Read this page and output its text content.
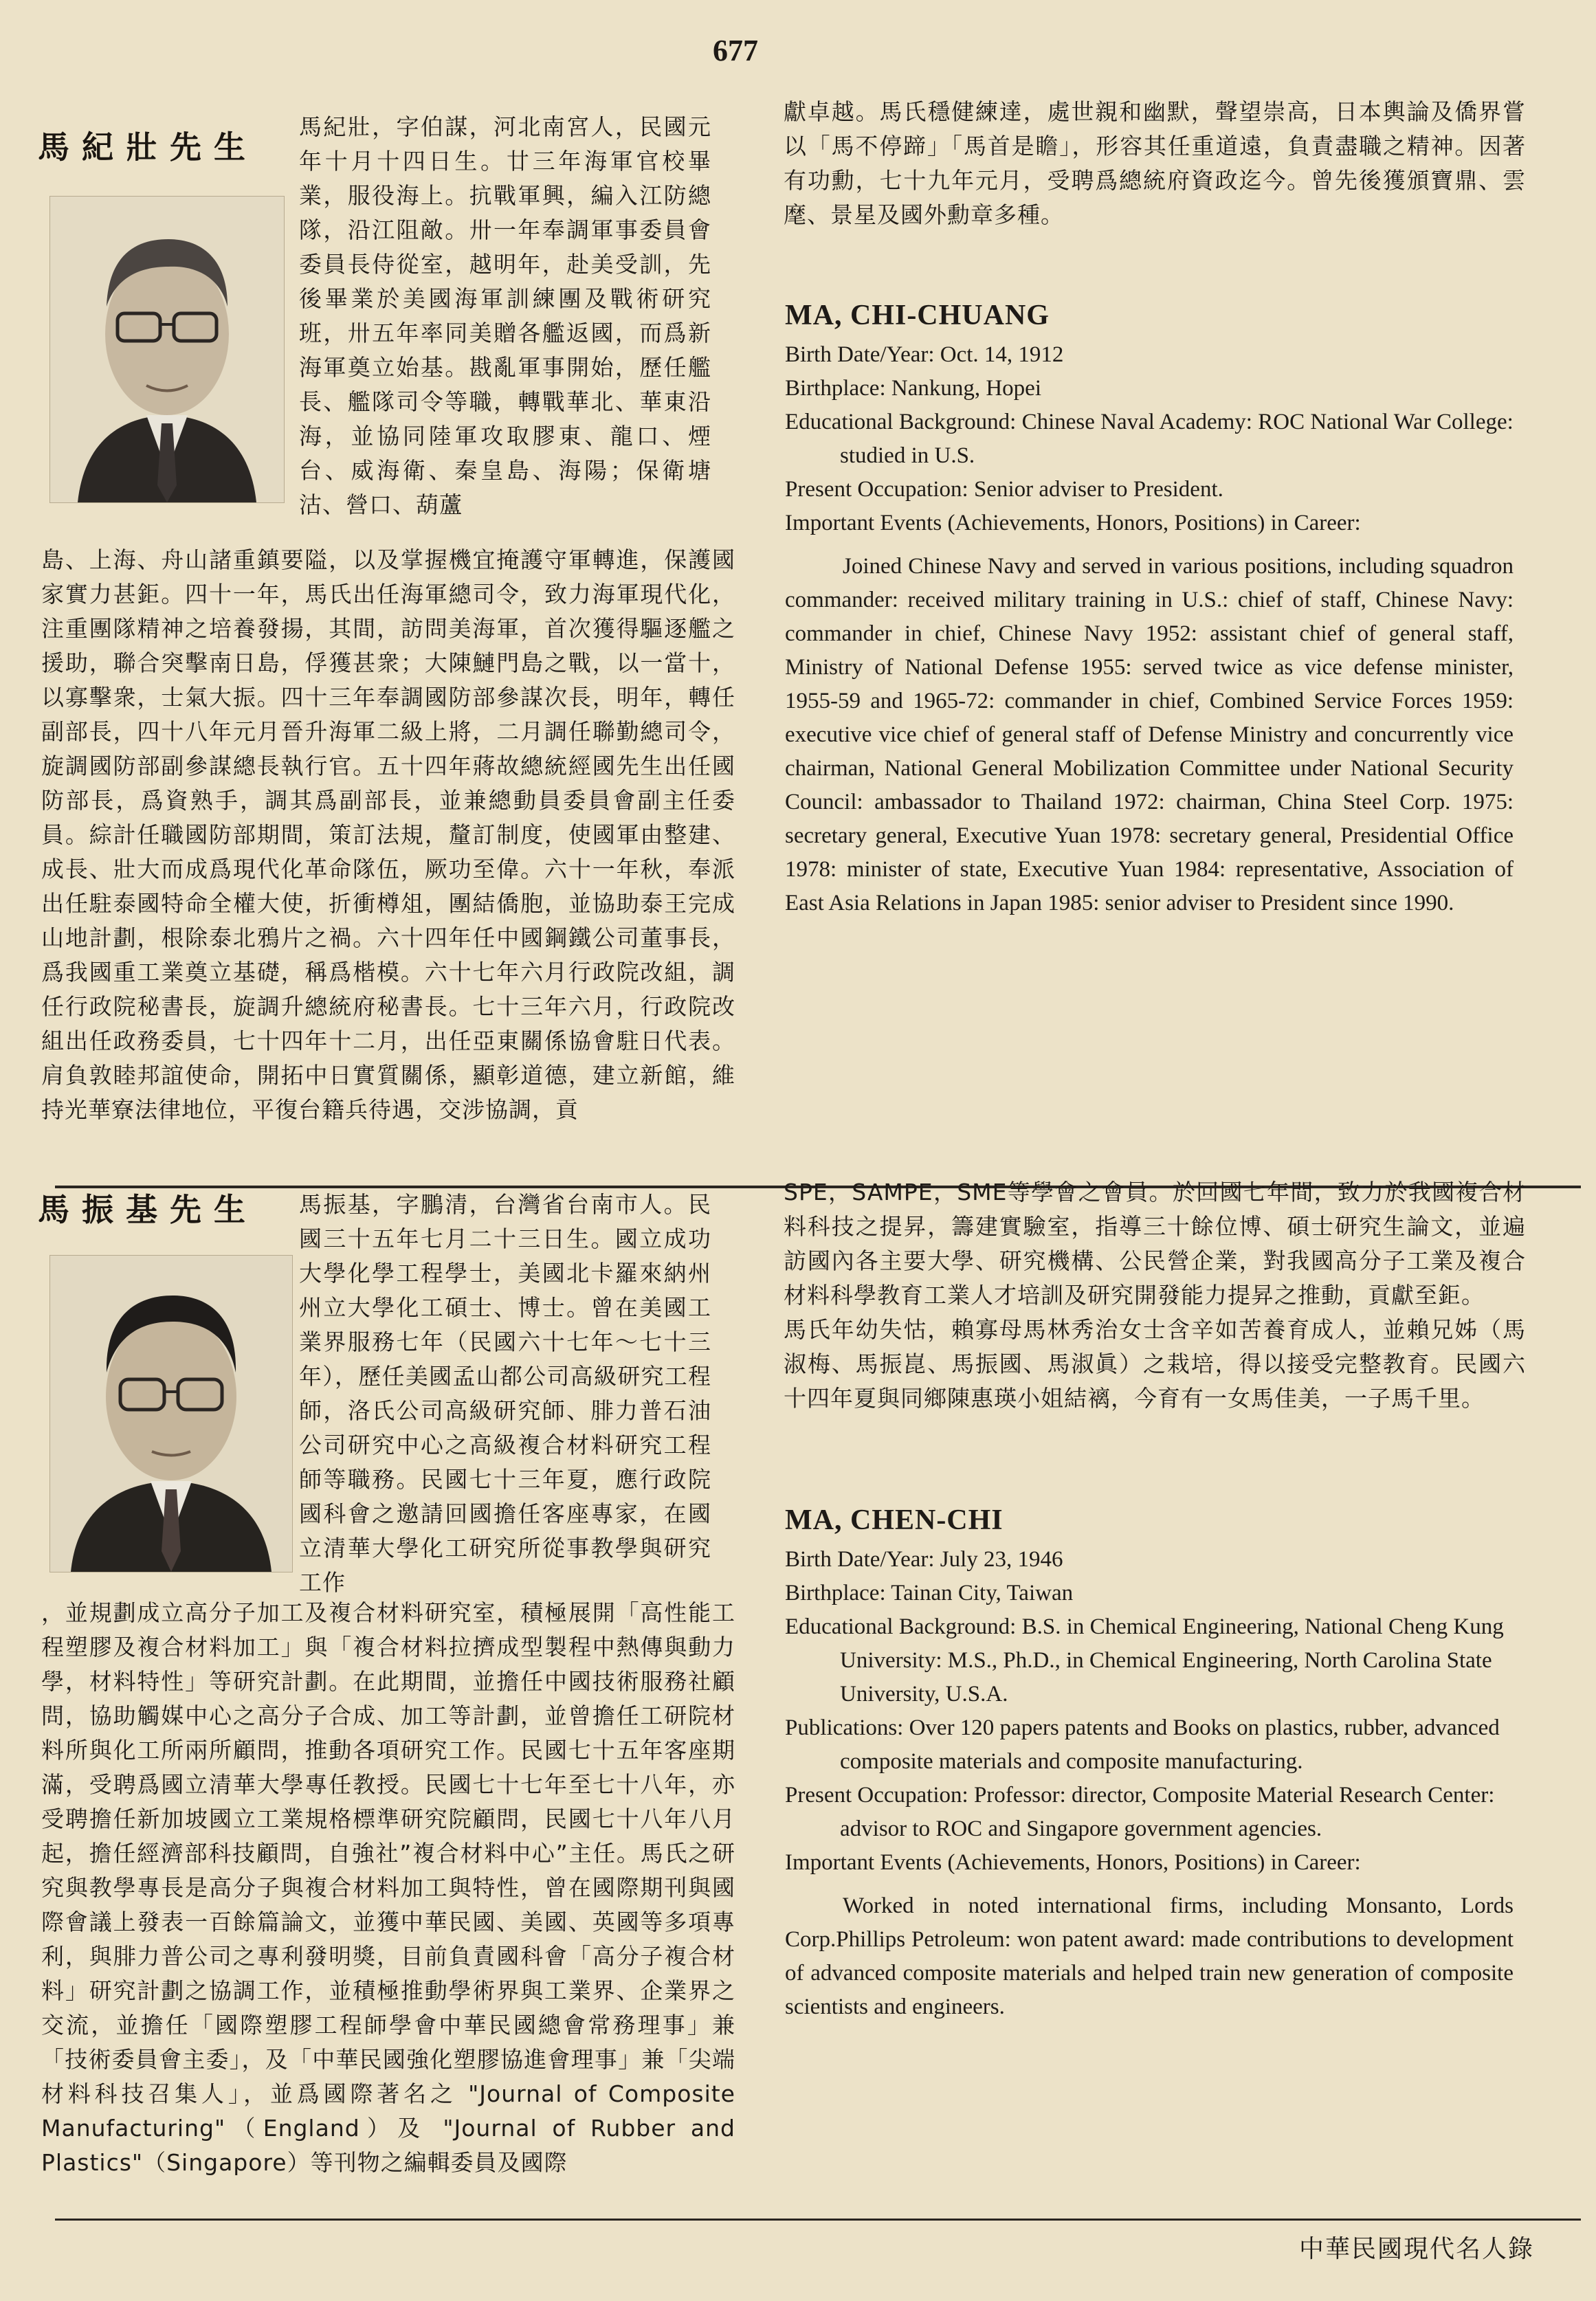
677
馬紀壯先生

馬紀壯，字伯謀，河北南宮人，民國元年十月十四日生。廿三年海軍官校畢業，服役海上。抗戰軍興，編入江防總隊，沿江阻敵。卅一年奉調軍事委員會委員長侍從室，越明年，赴美受訓，先後畢業於美國海軍訓練團及戰術研究班，卅五年率同美贈各艦返國，而爲新海軍奠立始基。戡亂軍事開始，歷任艦長、艦隊司令等職，轉戰華北、華東沿海，並協同陸軍攻取膠東、龍口、煙台、威海衛、秦皇島、海陽；保衛塘沽、營口、葫蘆

島、上海、舟山諸重鎮要隘，以及掌握機宜掩護守軍轉進，保護國家實力甚鉅。四十一年，馬氏出任海軍總司令，致力海軍現代化，注重團隊精神之培養發揚，其間，訪問美海軍，首次獲得驅逐艦之援助，聯合突擊南日島，俘獲甚衆；大陳鰱門島之戰，以一當十，以寡擊衆，士氣大振。四十三年奉調國防部參謀次長，明年，轉任副部長，四十八年元月晉升海軍二級上將，二月調任聯勤總司令，旋調國防部副參謀總長執行官。五十四年蔣故總統經國先生出任國防部長，爲資熟手，調其爲副部長，並兼總動員委員會副主任委員。綜計任職國防部期間，策訂法規，釐訂制度，使國軍由整建、成長、壯大而成爲現代化革命隊伍，厥功至偉。六十一年秋，奉派出任駐泰國特命全權大使，折衝樽俎，團結僑胞，並協助泰王完成山地計劃，根除泰北鴉片之禍。六十四年任中國鋼鐵公司董事長，爲我國重工業奠立基礎，稱爲楷模。六十七年六月行政院改組，調任行政院秘書長，旋調升總統府秘書長。七十三年六月，行政院改組出任政務委員，七十四年十二月，出任亞東關係協會駐日代表。肩負敦睦邦誼使命，開拓中日實質關係，顯彰道德，建立新館，維持光華寮法律地位，平復台籍兵待遇，交涉協調，貢

獻卓越。馬氏穩健練達，處世親和幽默，聲望崇高，日本輿論及僑界嘗以「馬不停蹄」「馬首是瞻」，形容其任重道遠，負責盡職之精神。因著有功勳，七十九年元月，受聘爲總統府資政迄今。曾先後獲頒寶鼎、雲麾、景星及國外勳章多種。

MA, CHI-CHUANG

Birth Date/Year: Oct. 14, 1912

Birthplace: Nankung, Hopei

Educational Background: Chinese Naval Academy: ROC National War College: studied in U.S.

Present Occupation: Senior adviser to President.

Important Events (Achievements, Honors, Positions) in Career:

Joined Chinese Navy and served in various positions, including squadron commander: received military training in U.S.: chief of staff, Chinese Navy: commander in chief, Chinese Navy 1952: assistant chief of general staff, Ministry of National Defense 1955: served twice as vice defense minister, 1955-59 and 1965-72: commander in chief, Combined Service Forces 1959: executive vice chief of general staff of Defense Ministry and concurrently vice chairman, National General Mobilization Committee under National Security Council: ambassador to Thailand 1972: chairman, China Steel Corp. 1975: secretary general, Executive Yuan 1978: secretary general, Presidential Office 1978: minister of state, Executive Yuan 1984: representative, Association of East Asia Relations in Japan 1985: senior adviser to President since 1990.

馬振基先生 馬振基，字鵬清，台灣省台南市人。民國三十五年七月二十三日生。國立成功大學化學工程學士，美國北卡羅來納州州立大學化工碩士、博士。曾在美國工業界服務七年（民國六十七年～七十三年），歷任美國孟山都公司高級研究工程師，洛氏公司高級研究師、腓力普石油公司研究中心之高級複合材料研究工程師等職務。民國七十三年夏，應行政院國科會之邀請回國擔任客座專家，在國立清華大學化工研究所從事教學與研究工作

，並規劃成立高分子加工及複合材料研究室，積極展開「高性能工程塑膠及複合材料加工」與「複合材料拉擠成型製程中熱傳與動力學，材料特性」等研究計劃。在此期間，並擔任中國技術服務社顧問，協助觸媒中心之高分子合成、加工等計劃，並曾擔任工研院材料所與化工所兩所顧問，推動各項研究工作。民國七十五年客座期滿，受聘爲國立清華大學專任教授。民國七十七年至七十八年，亦受聘擔任新加坡國立工業規格標準研究院顧問，民國七十八年八月起，擔任經濟部科技顧問，自強社”複合材料中心”主任。馬氏之研究與教學專長是高分子與複合材料加工與特性，曾在國際期刊與國際會議上發表一百餘篇論文，並獲中華民國、美國、英國等多項專利，與腓力普公司之專利發明獎，目前負責國科會「高分子複合材料」研究計劃之協調工作，並積極推動學術界與工業界、企業界之交流，並擔任「國際塑膠工程師學會中華民國總會常務理事」兼「技術委員會主委」，及「中華民國強化塑膠協進會理事」兼「尖端材料科技召集人」，並爲國際著名之 "Journal of Composite Manufacturing"（England）及 "Journal of Rubber and Plastics"（Singapore）等刊物之編輯委員及國際

SPE，SAMPE，SME等學會之會員。於回國七年間，致力於我國複合材料科技之提昇，籌建實驗室，指導三十餘位博、碩士研究生論文，並遍訪國內各主要大學、研究機構、公民營企業，對我國高分子工業及複合材料科學教育工業人才培訓及研究開發能力提昇之推動，貢獻至鉅。
馬氏年幼失怙，賴寡母馬林秀治女士含辛如苦養育成人，並賴兄姊（馬淑梅、馬振崑、馬振國、馬淑眞）之栽培，得以接受完整教育。民國六十四年夏與同鄉陳惠瑛小姐結褵，今育有一女馬佳美，一子馬千里。

MA, CHEN-CHI

Birth Date/Year: July 23, 1946

Birthplace: Tainan City, Taiwan

Educational Background: B.S. in Chemical Engineering, National Cheng Kung University: M.S., Ph.D., in Chemical Engineering, North Carolina State University, U.S.A.

Publications: Over 120 papers patents and Books on plastics, rubber, advanced composite materials and composite manufacturing.

Present Occupation: Professor: director, Composite Material Research Center: advisor to ROC and Singapore government agencies.

Important Events (Achievements, Honors, Positions) in Career:

Worked in noted international firms, including Monsanto, Lords Corp.Phillips Petroleum: won patent award: made contributions to development of advanced composite materials and helped train new generation of composite scientists and engineers.

中華民國現代名人錄
